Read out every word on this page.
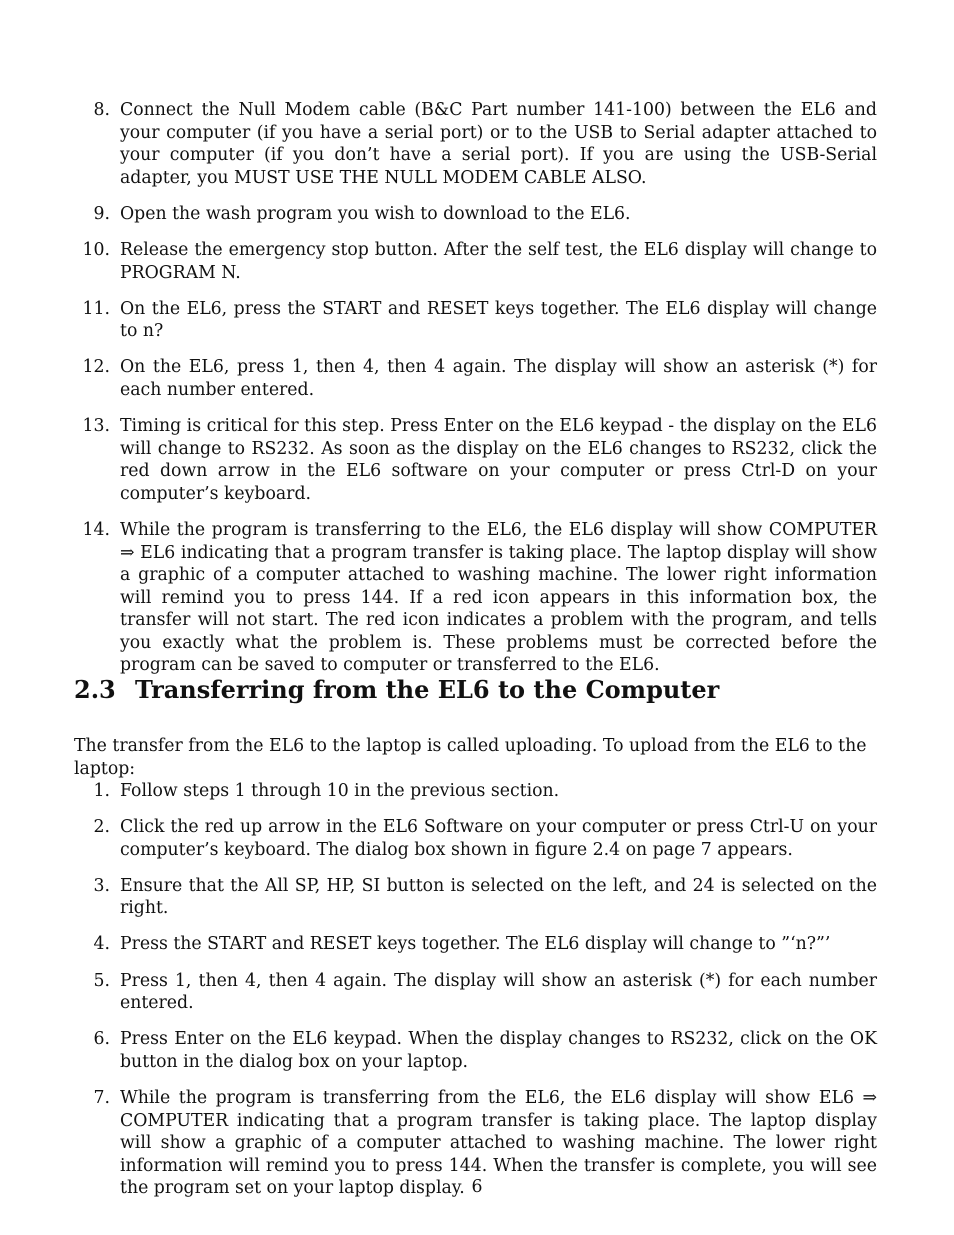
8. Connect the Null Modem cable (B&C Part number 141-100) between the EL6 and your computer (if you have a serial port) or to the USB to Serial adapter attached to your computer (if you don’t have a serial port). If you are using the USB-Serial adapter, you MUST USE THE NULL MODEM CABLE ALSO.
9. Open the wash program you wish to download to the EL6.
10. Release the emergency stop button. After the self test, the EL6 display will change to PROGRAM N.
11. On the EL6, press the START and RESET keys together. The EL6 display will change to n?
12. On the EL6, press 1, then 4, then 4 again. The display will show an asterisk (*) for each number entered.
13. Timing is critical for this step. Press Enter on the EL6 keypad - the display on the EL6 will change to RS232. As soon as the display on the EL6 changes to RS232, click the red down arrow in the EL6 software on your computer or press Ctrl-D on your computer’s keyboard.
14. While the program is transferring to the EL6, the EL6 display will show COMPUTER ⇒ EL6 indicating that a program transfer is taking place. The laptop display will show a graphic of a computer attached to washing machine. The lower right information will remind you to press 144. If a red icon appears in this information box, the transfer will not start. The red icon indicates a problem with the program, and tells you exactly what the problem is. These problems must be corrected before the program can be saved to computer or transferred to the EL6.
2.3 Transferring from the EL6 to the Computer

The transfer from the EL6 to the laptop is called uploading. To upload from the EL6 to the laptop:

1. Follow steps 1 through 10 in the previous section.
2. Click the red up arrow in the EL6 Software on your computer or press Ctrl-U on your computer’s keyboard. The dialog box shown in figure 2.4 on page 7 appears.
3. Ensure that the All SP, HP, SI button is selected on the left, and 24 is selected on the right.
4. Press the START and RESET keys together. The EL6 display will change to ”‘n?”’
5. Press 1, then 4, then 4 again. The display will show an asterisk (*) for each number entered.
6. Press Enter on the EL6 keypad. When the display changes to RS232, click on the OK button in the dialog box on your laptop.
7. While the program is transferring from the EL6, the EL6 display will show EL6 ⇒ COMPUTER indicating that a program transfer is taking place. The laptop display will show a graphic of a computer attached to washing machine. The lower right information will remind you to press 144. When the transfer is complete, you will see the program set on your laptop display. 6
